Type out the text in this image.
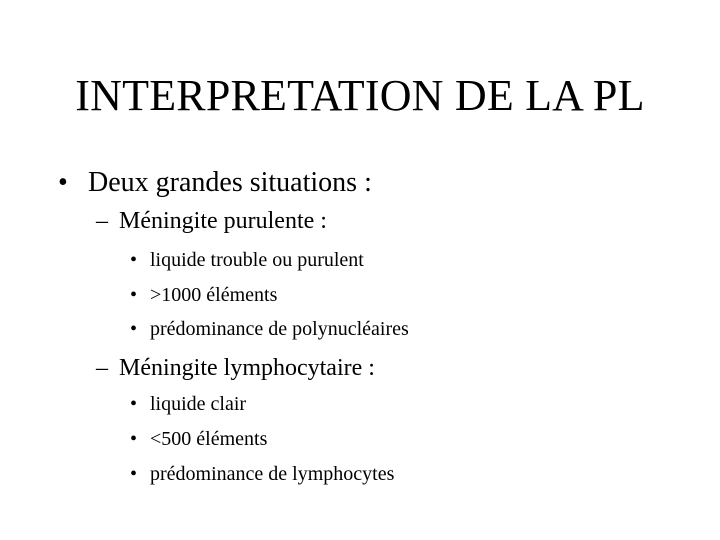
INTERPRETATION DE LA PL
• Deux grandes situations :
– Méningite purulente :
• liquide trouble ou purulent
• >1000 éléments
• prédominance de polynucléaires
– Méningite lymphocytaire :
• liquide clair
• <500 éléments
• prédominance de lymphocytes
